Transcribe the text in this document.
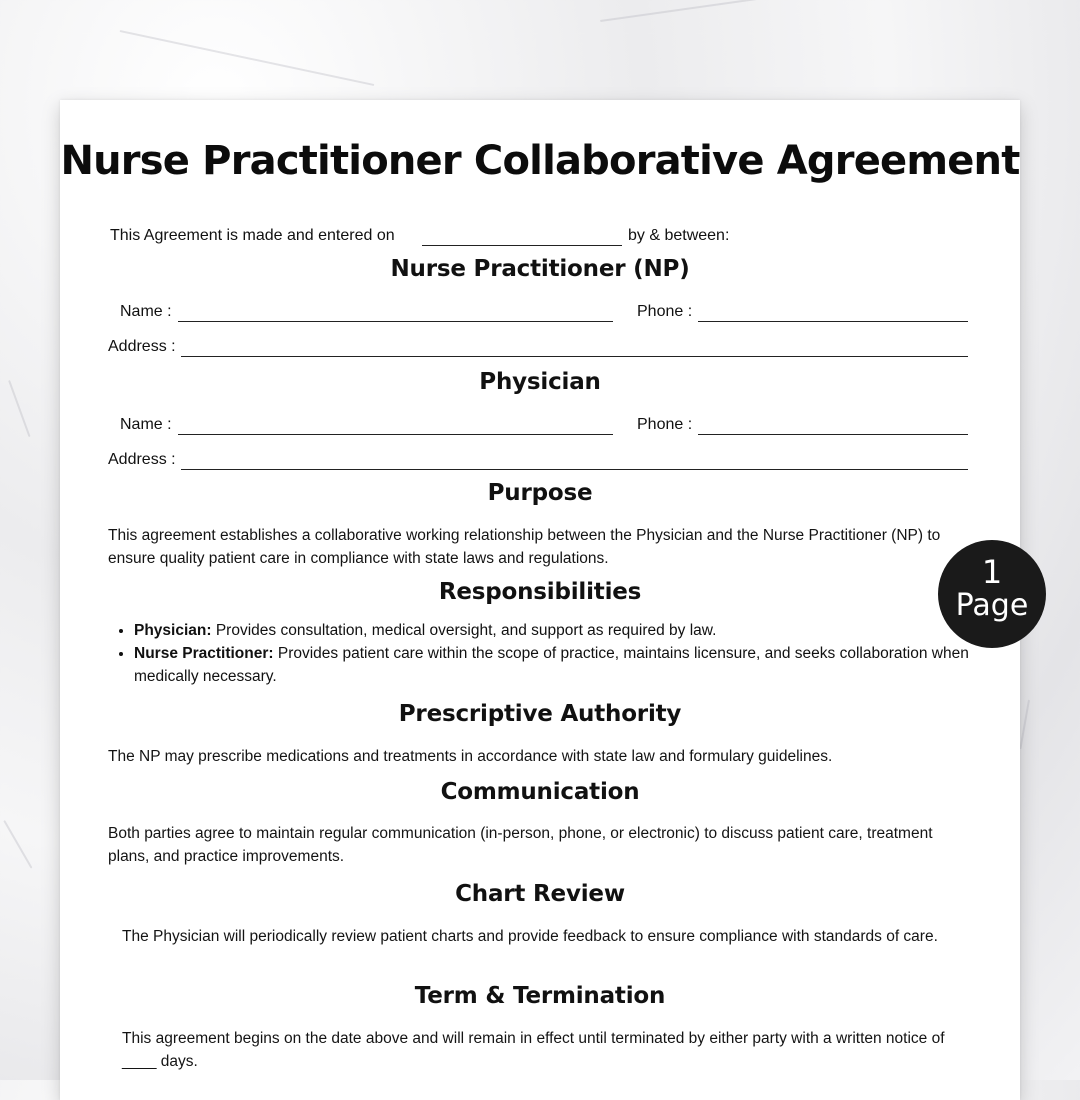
Nurse Practitioner Collaborative Agreement
This Agreement is made and entered on	by & between:
Nurse Practitioner (NP)
Name :	Phone :
Address :
Physician
Name :	Phone :
Address :
Purpose
This agreement establishes a collaborative working relationship between the Physician and the Nurse Practitioner (NP) to ensure quality patient care in compliance with state laws and regulations.
Responsibilities
• Physician: Provides consultation, medical oversight, and support as required by law.
• Nurse Practitioner: Provides patient care within the scope of practice, maintains licensure, and seeks collaboration when medically necessary.
Prescriptive Authority
The NP may prescribe medications and treatments in accordance with state law and formulary guidelines.
Communication
Both parties agree to maintain regular communication (in-person, phone, or electronic) to discuss patient care, treatment plans, and practice improvements.
Chart Review
The Physician will periodically review patient charts and provide feedback to ensure compliance with standards of care.
Term & Termination
This agreement begins on the date above and will remain in effect until terminated by either party with a written notice of ____ days.
1
Page
